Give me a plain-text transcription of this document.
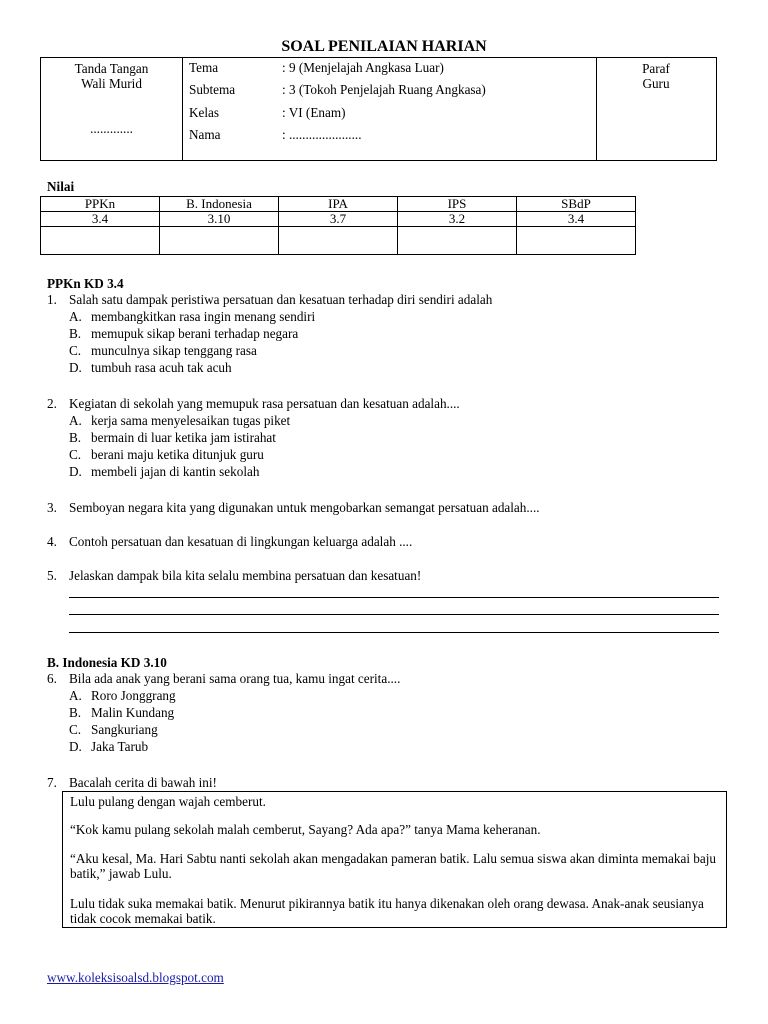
SOAL PENILAIAN HARIAN
Tanda Tangan
Wali Murid
.............
Paraf
Guru
Tema	: 9 (Menjelajah Angkasa Luar)
Subtema	: 3 (Tokoh Penjelajah Ruang Angkasa)
Kelas	: VI (Enam)
Nama	: ......................
Nilai
PPKn	B. Indonesia	IPA	IPS	SBdP
3.4	3.10	3.7	3.2	3.4

PPKn KD 3.4
1. Salah satu dampak peristiwa persatuan dan kesatuan terhadap diri sendiri adalah
A. membangkitkan rasa ingin menang sendiri
B. memupuk sikap berani terhadap negara
C. munculnya sikap tenggang rasa
D. tumbuh rasa acuh tak acuh
2. Kegiatan di sekolah yang memupuk rasa persatuan dan kesatuan adalah....
A. kerja sama menyelesaikan tugas piket
B. bermain di luar ketika jam istirahat
C. berani maju ketika ditunjuk guru
D. membeli jajan di kantin sekolah
3. Semboyan negara kita yang digunakan untuk mengobarkan semangat persatuan adalah....
4. Contoh persatuan dan kesatuan di lingkungan keluarga adalah ....
5. Jelaskan dampak bila kita selalu membina persatuan dan kesatuan!
B. Indonesia KD 3.10
6. Bila ada anak yang berani sama orang tua, kamu ingat cerita....
A. Roro Jonggrang
B. Malin Kundang
C. Sangkuriang
D. Jaka Tarub
7. Bacalah cerita di bawah ini!

Lulu pulang dengan wajah cemberut.

“Kok kamu pulang sekolah malah cemberut, Sayang? Ada apa?” tanya Mama keheranan.

“Aku kesal, Ma. Hari Sabtu nanti sekolah akan mengadakan pameran batik. Lalu semua siswa akan diminta memakai baju batik,” jawab Lulu.

Lulu tidak suka memakai batik. Menurut pikirannya batik itu hanya dikenakan oleh orang dewasa. Anak-anak seusianya tidak cocok memakai batik.

www.koleksisoalsd.blogspot.com
